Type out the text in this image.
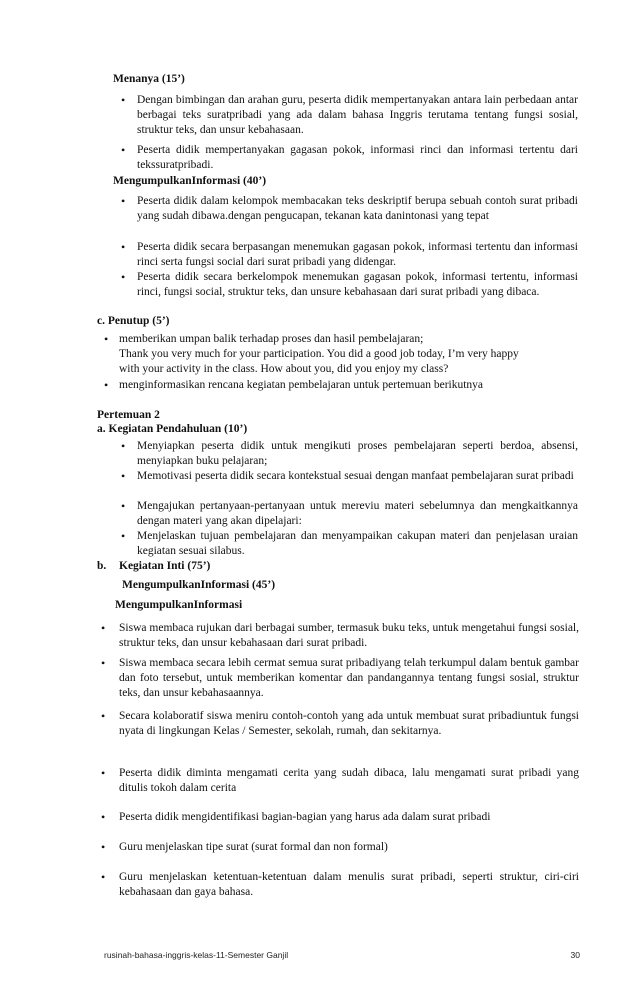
Menanya (15’)
• Dengan bimbingan dan arahan guru, peserta didik mempertanyakan antara lain perbedaan antar berbagai teks suratpribadi yang ada dalam bahasa Inggris terutama tentang fungsi sosial, struktur teks, dan unsur kebahasaan.
• Peserta didik mempertanyakan gagasan pokok, informasi rinci dan informasi tertentu dari tekssuratpribadi.
MengumpulkanInformasi (40’)
• Peserta didik dalam kelompok membacakan teks deskriptif berupa sebuah contoh surat pribadi yang sudah dibawa.dengan pengucapan, tekanan kata danintonasi yang tepat
• Peserta didik secara berpasangan menemukan gagasan pokok, informasi tertentu dan informasi rinci serta fungsi social dari surat pribadi yang didengar.
• Peserta didik secara berkelompok menemukan gagasan pokok, informasi tertentu, informasi rinci, fungsi social, struktur teks, dan unsure kebahasaan dari surat pribadi yang dibaca.
c. Penutup (5’)
• memberikan umpan balik terhadap proses dan hasil pembelajaran;
Thank you very much for your participation. You did a good job today, I’m very happy
with your activity in the class. How about you, did you enjoy my class?
• menginformasikan rencana kegiatan pembelajaran untuk pertemuan berikutnya
Pertemuan 2
a. Kegiatan Pendahuluan (10’)
• Menyiapkan peserta didik untuk mengikuti proses pembelajaran seperti berdoa, absensi, menyiapkan buku pelajaran;
• Memotivasi peserta didik secara kontekstual sesuai dengan manfaat pembelajaran surat pribadi
• Mengajukan pertanyaan-pertanyaan untuk mereviu materi sebelumnya dan mengkaitkannya dengan materi yang akan dipelajari:
• Menjelaskan tujuan pembelajaran dan menyampaikan cakupan materi dan penjelasan uraian kegiatan sesuai silabus.
b. Kegiatan Inti (75’)
MengumpulkanInformasi (45’)
MengumpulkanInformasi
• Siswa membaca rujukan dari berbagai sumber, termasuk buku teks, untuk mengetahui fungsi sosial, struktur teks, dan unsur kebahasaan dari surat pribadi.
• Siswa membaca secara lebih cermat semua surat pribadiyang telah terkumpul dalam bentuk gambar dan foto tersebut, untuk memberikan komentar dan pandangannya tentang fungsi sosial, struktur teks, dan unsur kebahasaannya.
• Secara kolaboratif siswa meniru contoh-contoh yang ada untuk membuat surat pribadiuntuk fungsi nyata di lingkungan Kelas / Semester, sekolah, rumah, dan sekitarnya.
• Peserta didik diminta mengamati cerita yang sudah dibaca, lalu mengamati surat pribadi yang ditulis tokoh dalam cerita
• Peserta didik mengidentifikasi bagian-bagian yang harus ada dalam surat pribadi
• Guru menjelaskan tipe surat (surat formal dan non formal)
• Guru menjelaskan ketentuan-ketentuan dalam menulis surat pribadi, seperti struktur, ciri-ciri kebahasaan dan gaya bahasa.
rusinah-bahasa-inggris-kelas-11-Semester Ganjil	30
